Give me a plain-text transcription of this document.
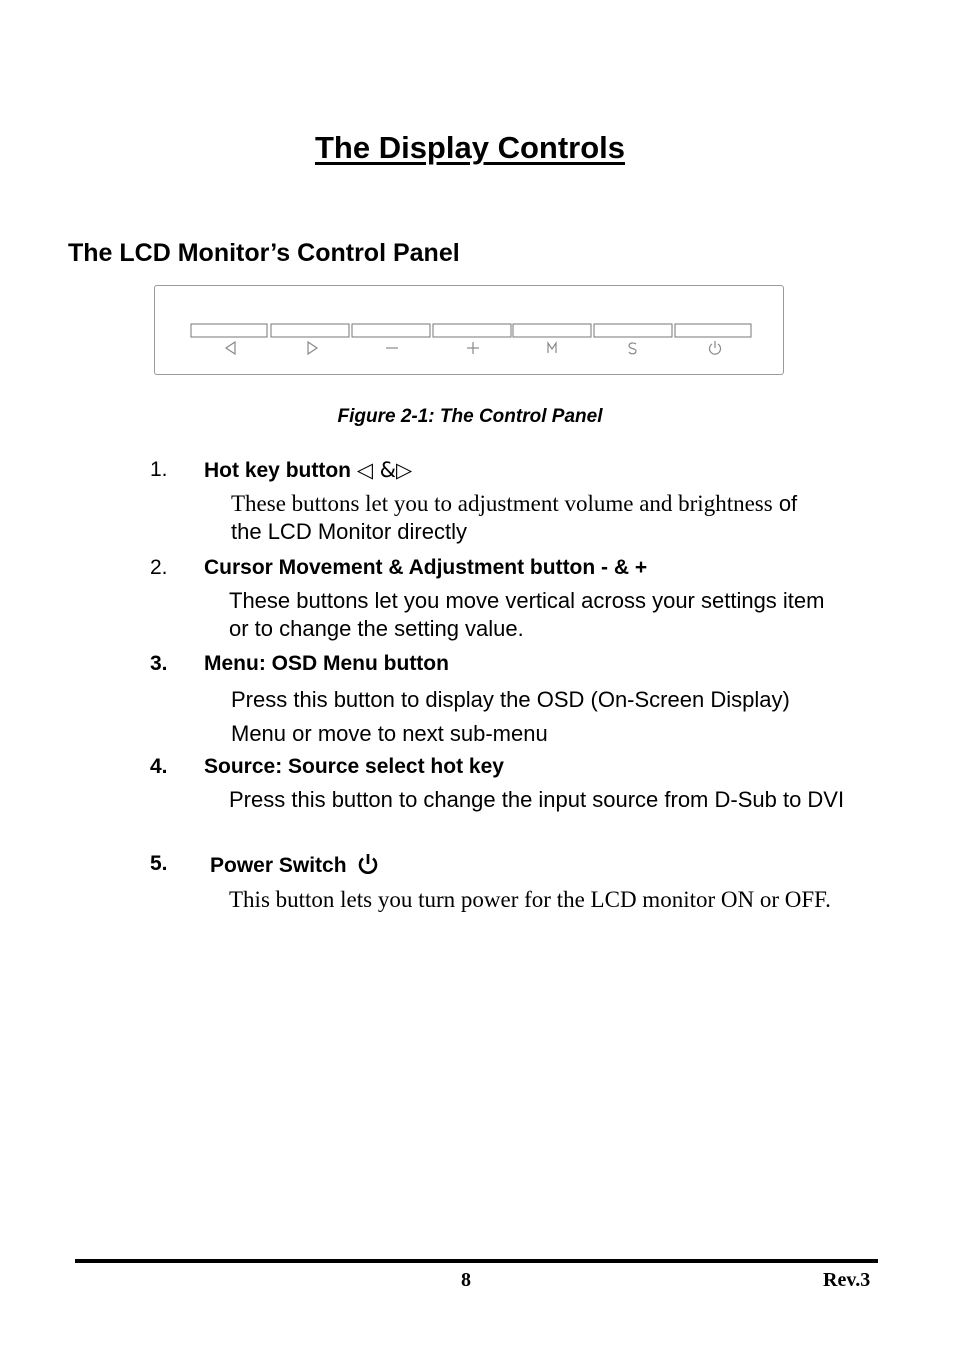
The Display Controls
The LCD Monitor’s Control Panel
Figure 2-1: The Control Panel
1. Hot key button ◁ &▷
These buttons let you to adjustment volume and brightness of
the LCD Monitor directly
2. Cursor Movement & Adjustment button - & +
These buttons let you move vertical across your settings item or to change the setting value.
3. Menu: OSD Menu button
Press this button to display the OSD (On-Screen Display)
Menu or move to next sub-menu
4. Source: Source select hot key
Press this button to change the input source from D-Sub to DVI
5. Power Switch
This button lets you turn power for the LCD monitor ON or OFF.
8	Rev.3
